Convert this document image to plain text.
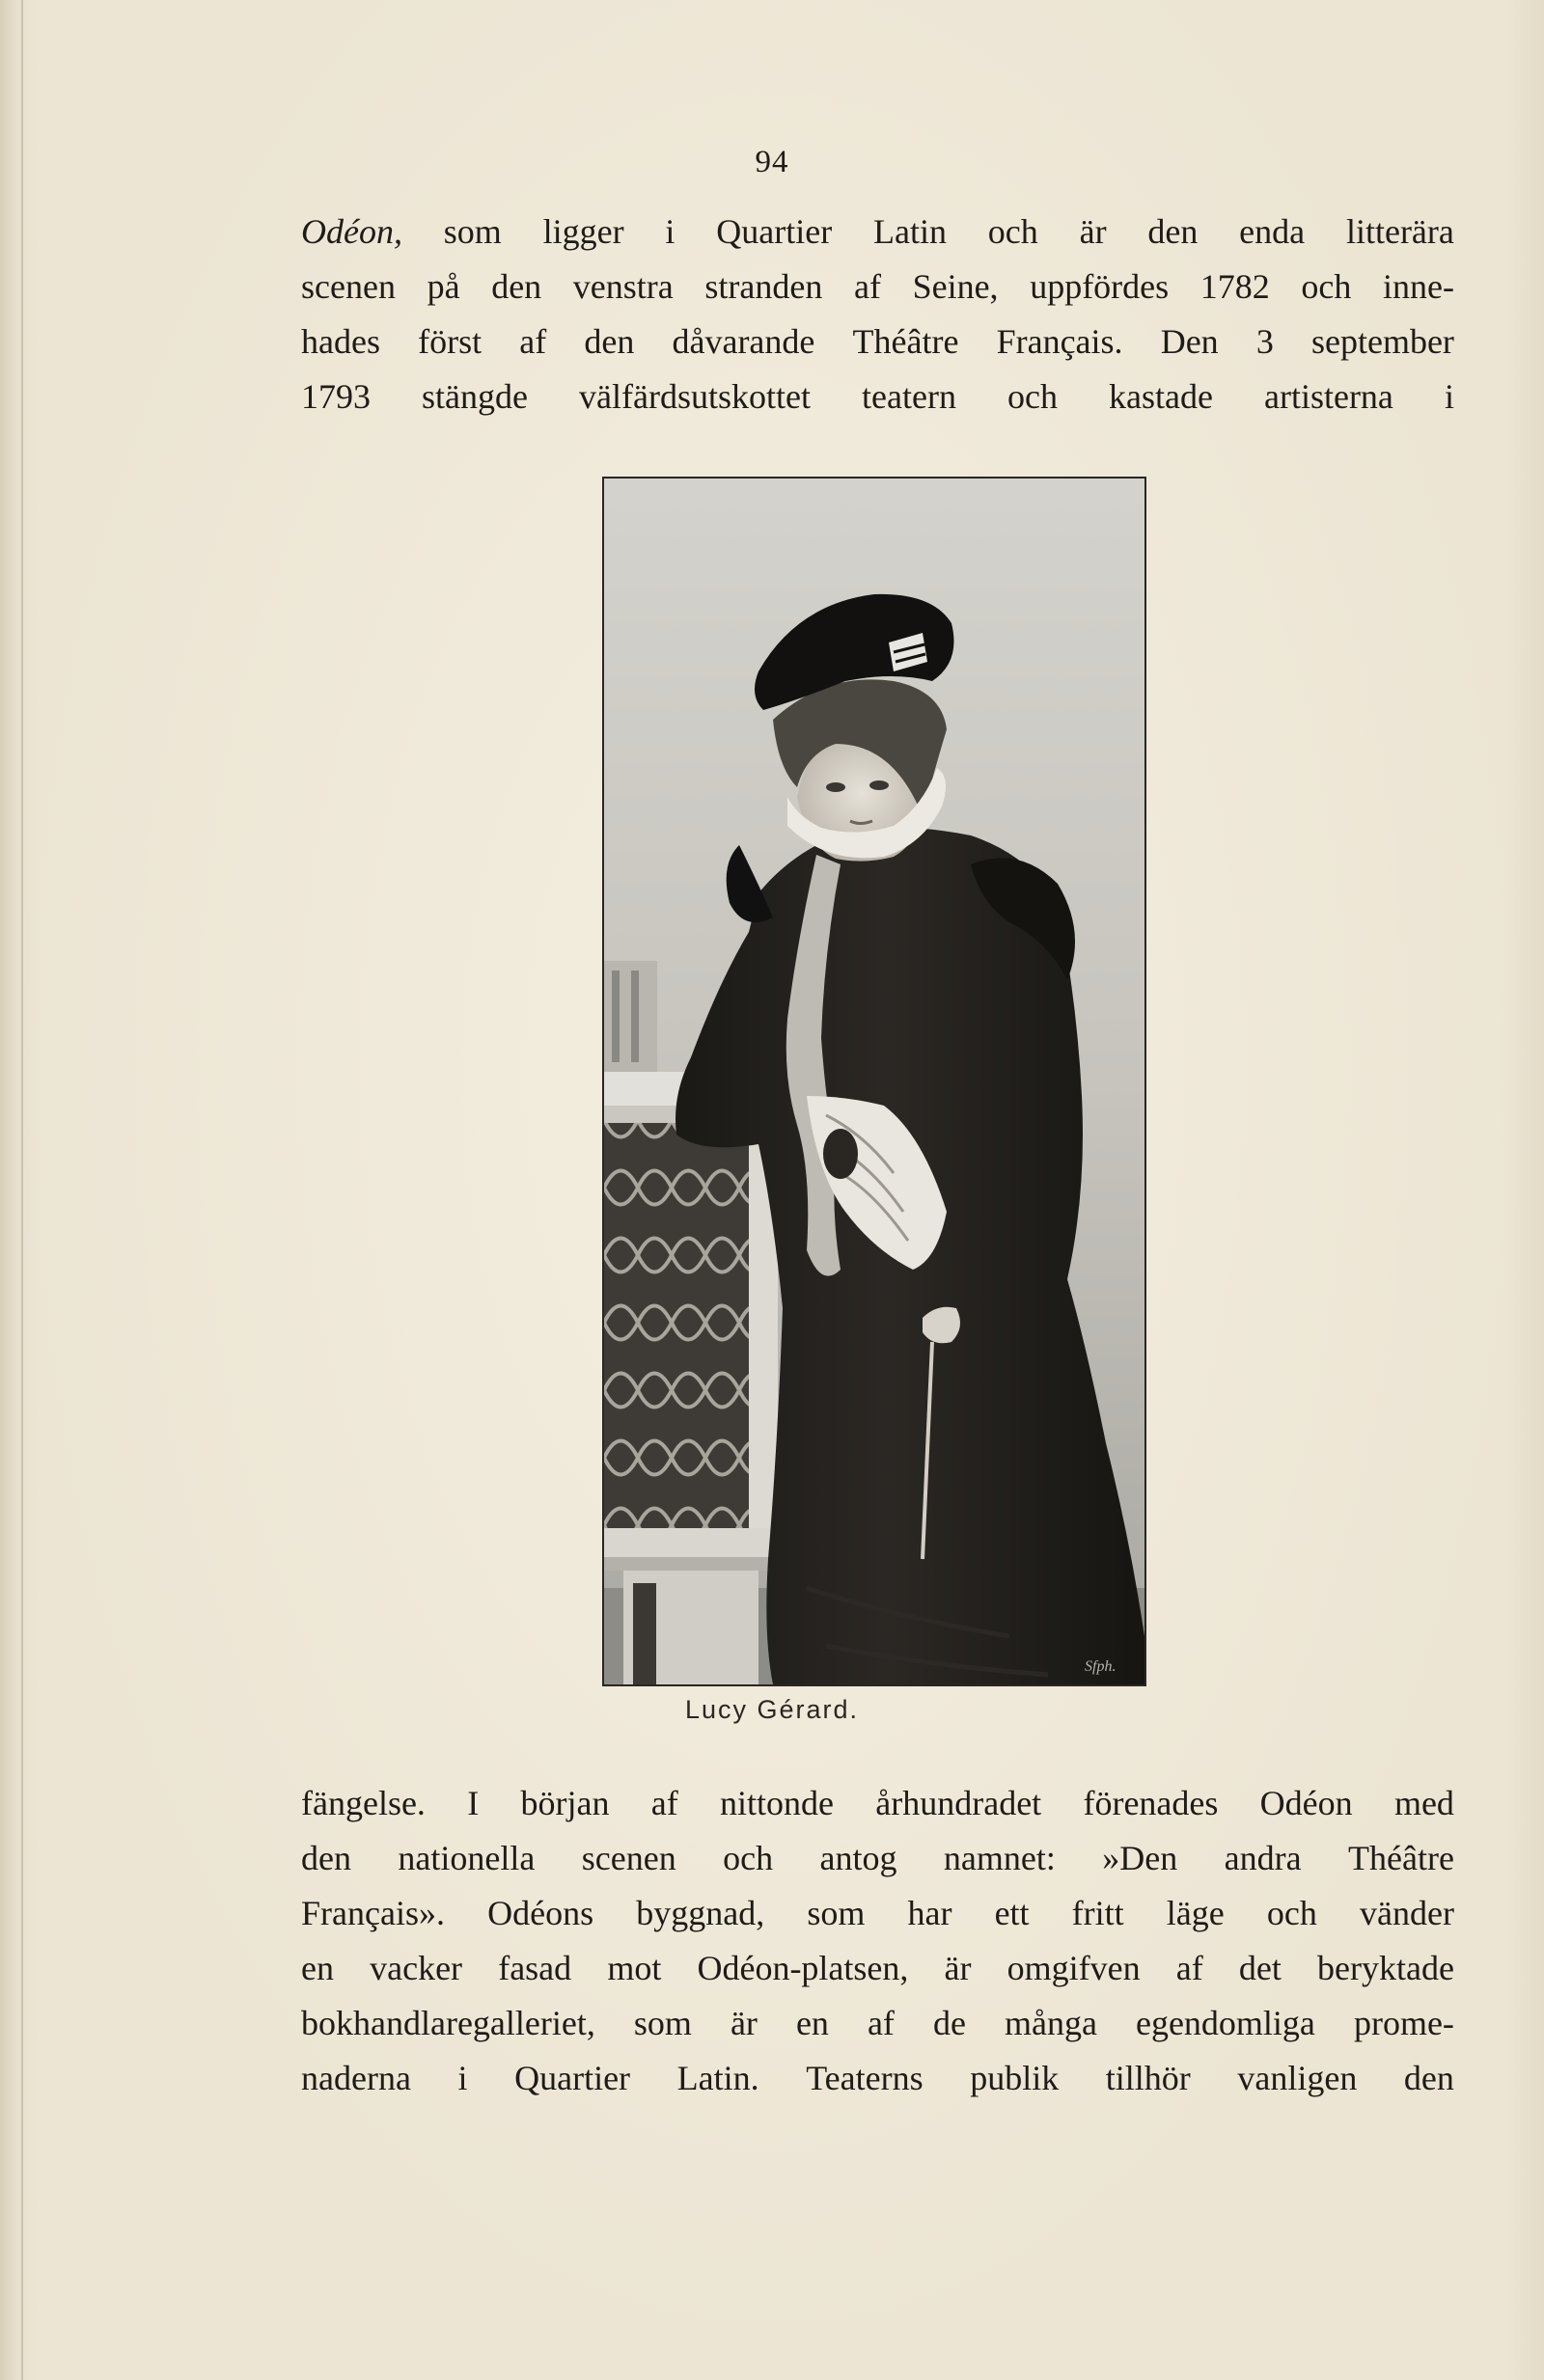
94
Odéon, som ligger i Quartier Latin och är den enda litterära
scenen på den venstra stranden af Seine, uppfördes 1782 och inne-
hades först af den dåvarande Théâtre Français. Den 3 september
1793 stängde välfärdsutskottet teatern och kastade artisterna i
Sfph.
Lucy Gérard.
fängelse. I början af nittonde århundradet förenades Odéon med
den nationella scenen och antog namnet: »Den andra Théâtre
Français». Odéons byggnad, som har ett fritt läge och vänder
en vacker fasad mot Odéon-platsen, är omgifven af det beryktade
bokhandlaregalleriet, som är en af de många egendomliga prome-
naderna i Quartier Latin. Teaterns publik tillhör vanligen den
